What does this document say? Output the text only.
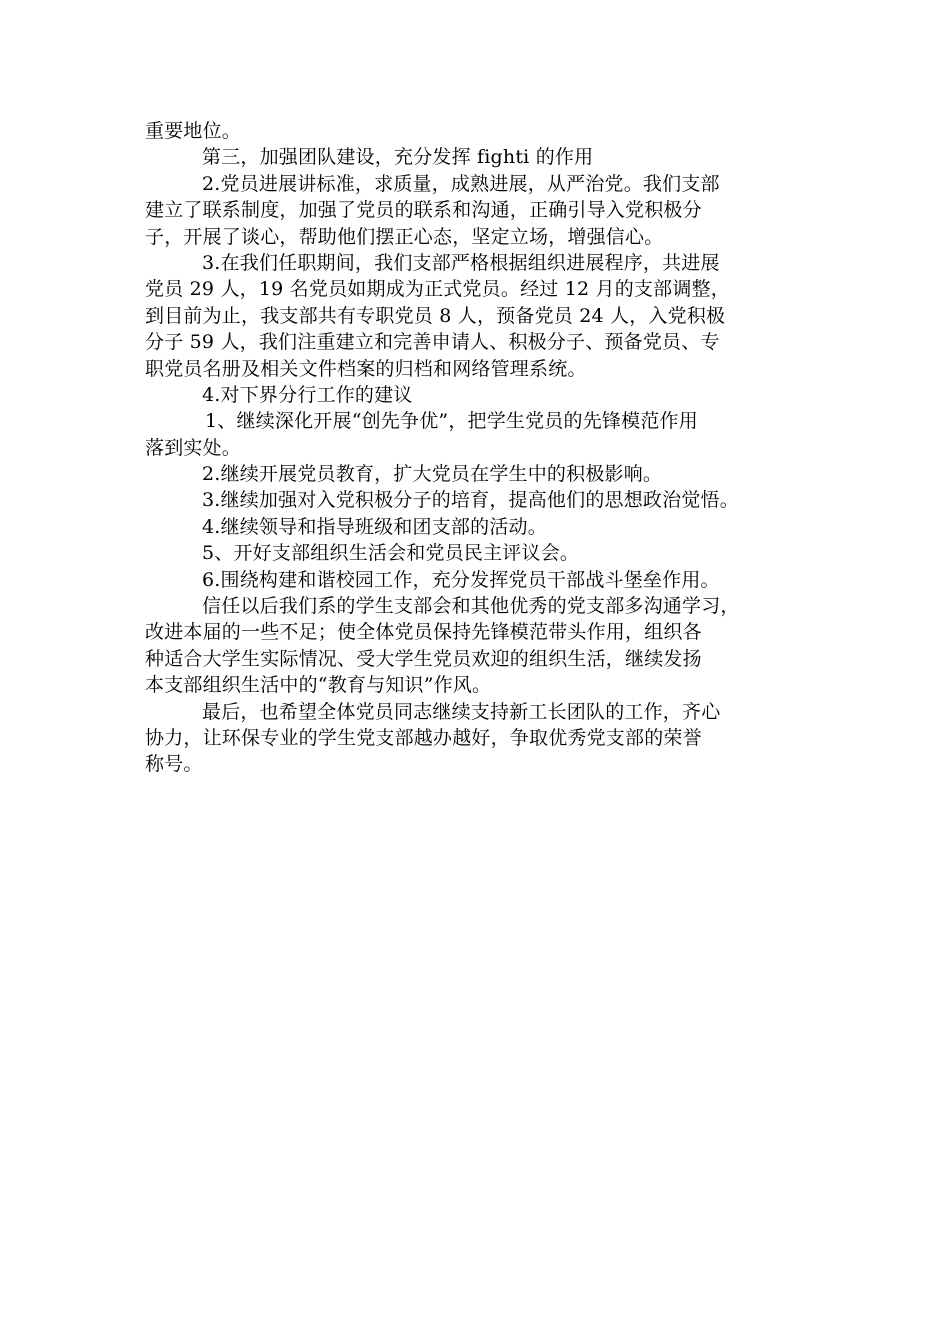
重要地位。
第三，加强团队建设，充分发挥 fighti 的作用
2.党员进展讲标准，求质量，成熟进展，从严治党。我们支部
建立了联系制度，加强了党员的联系和沟通，正确引导入党积极分
子，开展了谈心，帮助他们摆正心态，坚定立场，增强信心。
3.在我们任职期间，我们支部严格根据组织进展程序，共进展
党员 29 人，19 名党员如期成为正式党员。经过 12 月的支部调整，
到目前为止，我支部共有专职党员 8 人，预备党员 24 人，入党积极
分子 59 人，我们注重建立和完善申请人、积极分子、预备党员、专
职党员名册及相关文件档案的归档和网络管理系统。
4.对下界分行工作的建议
1、继续深化开展“创先争优”，把学生党员的先锋模范作用
落到实处。
2.继续开展党员教育，扩大党员在学生中的积极影响。
3.继续加强对入党积极分子的培育，提高他们的思想政治觉悟。
4.继续领导和指导班级和团支部的活动。
5、开好支部组织生活会和党员民主评议会。
6.围绕构建和谐校园工作，充分发挥党员干部战斗堡垒作用。
信任以后我们系的学生支部会和其他优秀的党支部多沟通学习，
改进本届的一些不足；使全体党员保持先锋模范带头作用，组织各
种适合大学生实际情况、受大学生党员欢迎的组织生活，继续发扬
本支部组织生活中的“教育与知识”作风。
最后，也希望全体党员同志继续支持新工长团队的工作，齐心
协力，让环保专业的学生党支部越办越好，争取优秀党支部的荣誉
称号。
